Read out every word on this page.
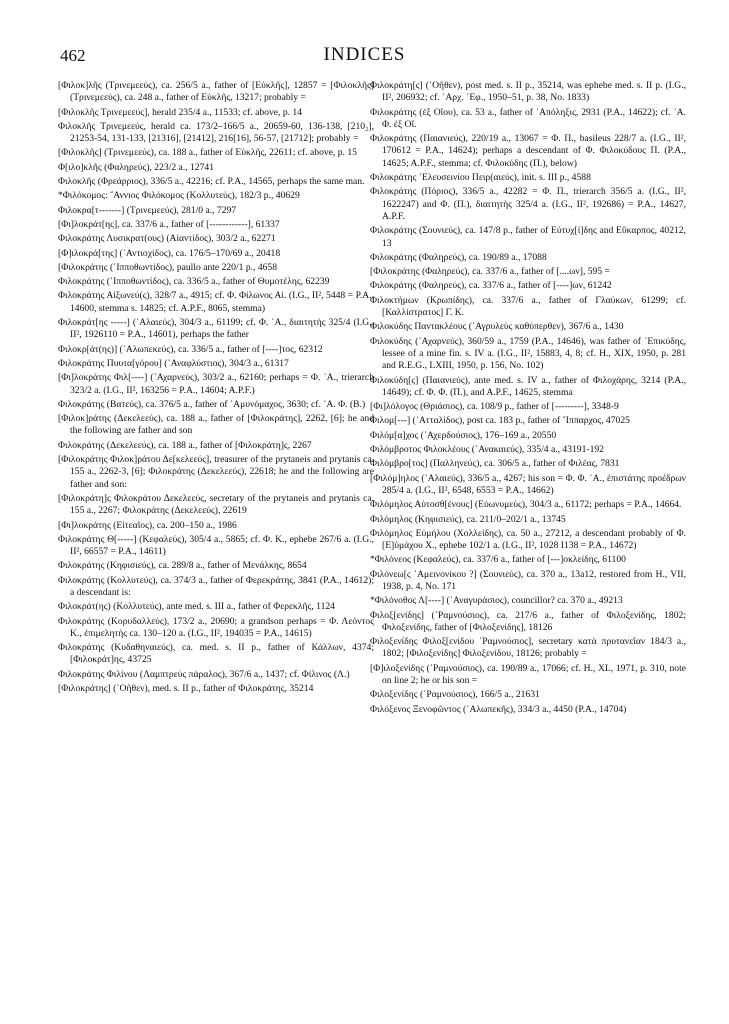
462	INDICES

[Φιλοκ]λῆς (Τρινεμεεύς), ca. 256/5 a., father of [Εὐκλῆς], 12857 = [Φιλοκλῆς] (Τρινεμεεύς), ca. 248 a., father of Εὐκλῆς, 13217; probably =

[Φιλοκλῆς Τρινεμεεύς], herald 235/4 a., 11533; cf. above, p. 14

Φιλοκλῆς Τρινεμεεύς, herald ca. 173/2–166/5 a., 20659-60, 136-138, [210₂], 21253-54, 131-133, [21316], [21412], 216[16], 56-57, [21712]; probably =

[Φιλοκλῆς] (Τρινεμεεύς), ca. 188 a., father of Εὐκλῆς, 22611; cf. above, p. 15

Φ[ιλο]κλῆς (Φαληρεύς), 223/2 a., 12741

Φιλοκλῆς (Φρεάρριος), 336/5 a., 42216; cf. P.A., 14565, perhaps the same man.

*Φιλόκομος: ῎Αννιος Φιλόκομος (Κολλυτεύς), 182/3 p., 40629

Φιλοκρα[τ-------] (Τρινεμεεύς), 281/0 a., 7297

[Φι]λοκράτ[ης], ca. 337/6 a., father of [------------], 61337

Φιλοκράτης Λυσικρατ(ους) (Αἰαντίδος), 303/2 a., 62271

[Φ]ιλοκρά[της] (᾿Αντιοχίδος), ca. 176/5–170/69 a., 20418

[Φιλοκράτης (῾Ιπποθωντίδος), paullo ante 220/1 p., 4658

Φιλοκράτης (῾Ιπποθωντίδος), ca. 336/5 a., father of Θυμοτέλης, 62239

Φιλοκράτης Αἰξωνεύ(ς), 328/7 a., 4915; cf. Φ. Φίλωνος Αἰ. (I.G., II², 5448 = P.A., 14600, stemma s. 14825; cf. A.P.F., 8065, stemma)

Φιλοκράτ[ης -----] (᾿Αλαιεύς), 304/3 a., 61199; cf. Φ. ᾿Α., διαιτητὴς 325/4 (I.G., II², 1926110 = P.A., 14601), perhaps the father

Φιλοκρ[άτ(ης)] (᾿Αλωπεκεύς), ca. 336/5 a., father of [----]τος, 62312

Φιλοκράτης Πυυτα[γόρου] (᾿Αναφλύστιος), 304/3 a., 61317

[Φι]λοκράτης Φιλ[----] (᾿Αχαρνεύς), 303/2 a., 62160; perhaps = Φ. ᾿Α., trierarch 323/2 a. (I.G., II², 163256 = P.A., 14604; A.P.F.)

Φιλοκράτης (Βατεύς), ca. 376/5 a., father of ᾿Αμυνόμαχος, 3630; cf. ᾿Α. Φ. (Β.)

[Φιλοκ]ράτης (Δεκελεεύς), ca. 188 a., father of [Φιλοκράτης], 2262, [6]; he and the following are father and son

Φιλοκράτης (Δεκελεεύς), ca. 188 a., father of [Φιλοκράτη]ς, 2267

[Φιλοκράτης Φιλοκ]ράτου Δε[κελεεύς], treasurer of the prytaneis and prytanis ca. 155 a., 2262-3, [6]; Φιλοκράτης (Δεκελεεύς), 22618; he and the following are father and son:

[Φιλοκράτη]ς Φιλοκράτου Δεκελεεύς, secretary of the prytaneis and prytanis ca. 155 a., 2267; Φιλοκράτης (Δεκελεεύς), 22619

[Φι]λοκράτης (Εἰτεαῖος), ca. 200–150 a., 1986

Φιλοκράτης Θ[-----] (Κεφαλεύς), 305/4 a., 5865; cf. Φ. Κ., ephebe 267/6 a. (I.G., II², 66557 = P.A., 14611)

Φιλοκράτης (Κηφισιεύς), ca. 289/8 a., father of Μενάλκης, 8654

Φιλοκράτης (Κολλυτεύς), ca. 374/3 a., father of Φερεκράτης, 3841 (P.A., 14612); a descendant is:

Φιλοκράτ(ης) (Κολλυτεύς), ante med. s. III a., father of Φερεκλῆς, 1124

Φιλοκράτης (Κορυδαλλεύς), 173/2 a., 20690; a grandson perhaps = Φ. Λεόντος Κ., ἐπιμελητὴς ca. 130–120 a. (I.G., II², 194035 = P.A., 14615)

Φιλοκράτης (Κυδαθηναιεύς), ca. med. s. II p., father of Κάλλων, 4374; [Φιλοκράτ]ης, 43725

Φιλοκράτης Φιλίνου (Λαμπτρεὺς πάραλος), 367/6 a., 1437; cf. Φίλινος (Λ.)

[Φιλοκράτης] (᾿Οῆθεν), med. s. II p., father of Φιλοκράτης, 35214

Φιλοκράτη[ς] (᾿Οῆθεν), post med. s. II p., 35214, was ephebe med. s. II p. (I.G., II², 206932; cf. ᾿Αρχ. ᾿Εφ., 1950–51, p. 38, No. 1833)

Φιλοκράτης (ἐξ Οἴου), ca. 53 a., father of ᾿Απόληξις, 2931 (P.A., 14622); cf. ᾿Α. Φ. ἐξ Οἴ.

Φιλοκράτης (Παιανιεύς), 220/19 a., 13067 = Φ. Π., basileus 228/7 a. (I.G., II², 170612 = P.A., 14624); perhaps a descendant of Φ. Φιλοκύδους Π. (P.A., 14625; A.P.F., stemma; cf. Φιλοκύδης (Π.), below)

Φιλοκράτης ᾿Ελευσεινίου Πειρ(αιεύς), init. s. III p., 4588

Φιλοκράτης (Πόριος), 336/5 a., 42282 = Φ. Π., trierarch 356/5 a. (I.G., II², 1622247) and Φ. (Π.), διαιτητὴς 325/4 a. (I.G., II², 192686) = P.A., 14627, A.P.F.

Φιλοκράτης (Σουνιεύς), ca. 147/8 p., father of Εὐτυχ[ί]δης and Εὔκαρπος, 40212, 13

Φιλοκράτης (Φαληρεύς), ca. 190/89 a., 17088

[Φιλοκράτης (Φαληρεύς), ca. 337/6 a., father of [....ων], 595 =

Φιλοκράτης (Φαληρεύς), ca. 337/6 a., father of [----]ων, 61242

Φιλοκτήμων (Κρωπίδης), ca. 337/6 a., father of Γλαύκων, 61299; cf. [Καλλίστρατος] Γ. Κ.

Φιλοκύδης Παντακλέους (᾿Αγρυλεὺς καθύπερθεν), 367/6 a., 1430

Φιλοκύδης (᾿Αχαρνεύς), 360/59 a., 1759 (P.A., 14646), was father of ᾿Επικύδης, lessee of a mine fin. s. IV a. (I.G., II², 15883, 4, 8; cf. H., XIX, 1950, p. 281 and R.E.G., LXIII, 1950, p. 156, No. 102)

Φιλοκύδη[ς] (Παιανιεύς), ante med. s. IV a., father of Φιλοχάρης, 3214 (P.A., 14649); cf. Φ. Φ. (Π.), and A.P.F., 14625, stemma

[Φι]λόλογος (Θριάσιος), ca. 108/9 p., father of [---------], 3348-9

Φιλομ[---] (᾿Ατταλίδος), post ca. 183 p., father of ῞Ιππαρχος, 47025

Φιλόμ[α]χος (᾿Αχερδούσιος), 176–169 a., 20550

Φιλόμβροτος Φιλοκλέους (᾿Ανακαιεύς), 335/4 a., 43191-192

Φιλόμβρο[τος] (Παλληνεύς), ca. 306/5 a., father of Φιλέας, 7831

[Φιλόμ]ηλος (᾿Αλαιεύς), 336/5 a., 4267; his son = Φ. Φ. ᾿Α., ἐπιστάτης προέδρων 285/4 a. (I.G., II², 6548, 6553 = P.A., 14662)

Φιλόμηλος Αὐτοσθ[ένους] (Εὐωνυμεύς), 304/3 a., 61172; perhaps = P.A., 14664.

Φιλόμηλος (Κηφισιεύς), ca. 211/0–202/1 a., 13745

Φιλόμηλος Εὐμήλου (Χολλείδης), ca. 50 a., 27212, a descendant probably of Φ. [Ε]ὐμάχου Χ., ephebe 102/1 a. (I.G., II², 1028 I138 = P.A., 14672)

*Φιλόνεος (Κεφαλεύς), ca. 337/6 a., father of [---]οκλείδης, 61100

Φιλόνεω[ς ᾿Αμεινονίκου ?] (Σουνιεύς), ca. 370 a., 13a12, restored from H., VII, 1938, p. 4, No. 171

*Φιλόνοθος Λ[----] (᾿Αναγυράσιος), councillor? ca. 370 a., 49213

Φιλοξ[ενίδης] (῾Ραμνούσιος), ca. 217/6 a., father of Φιλοξενίδης, 1802; Φιλοξενίδης, father of [Φιλοξενίδης], 18126

Φιλοξενίδης Φιλοξ[ενίδου ῾Ραμνούσιος], secretary κατὰ πρυτανεῖαν 184/3 a., 1802; [Φιλοξενίδης] Φιλοξενίδου, 18126; probably =

[Φ]ιλοξενίδης (῾Ραμνούσιος), ca. 190/89 a., 17066; cf. H., XL, 1971, p. 310, note on line 2; he or his son =

Φιλοξενίδης (῾Ραμνούσιος), 166/5 a., 21631

Φιλόξενος Ξενοφῶντος (᾿Αλωπεκῆς), 334/3 a., 4450 (P.A., 14704)
